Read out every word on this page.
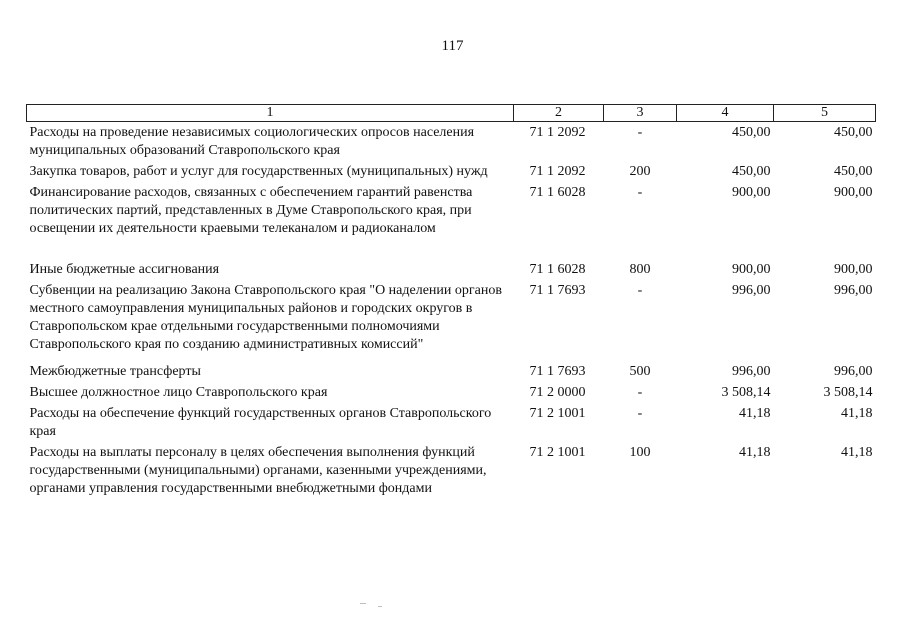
117
1	2	3	4	5
Расходы на проведение независимых социологических опросов населения муниципальных образований Ставропольского края	71 1 2092	-	450,00	450,00
Закупка товаров, работ и услуг для государственных (муниципальных) нужд	71 1 2092	200	450,00	450,00
Финансирование расходов, связанных с обеспечением гарантий равенства политических партий, представленных в Думе Ставропольского края, при освещении их деятельности краевыми телеканалом и радиоканалом	71 1 6028	-	900,00	900,00
Иные бюджетные ассигнования	71 1 6028	800	900,00	900,00
Субвенции на реализацию Закона Ставропольского края "О наделении органов местного самоуправления муниципальных районов и городских округов в Ставропольском крае отдельными государственными полномочиями Ставропольского края по созданию административных комиссий"	71 1 7693	-	996,00	996,00
Межбюджетные трансферты	71 1 7693	500	996,00	996,00
Высшее должностное лицо Ставропольского края	71 2 0000	-	3 508,14	3 508,14
Расходы на обеспечение функций государственных органов Ставропольского края	71 2 1001	-	41,18	41,18
Расходы на выплаты персоналу в целях обеспечения выполнения функций государственными (муниципальными) органами, казенными учреждениями, органами управления государственными внебюджетными фондами	71 2 1001	100	41,18	41,18
